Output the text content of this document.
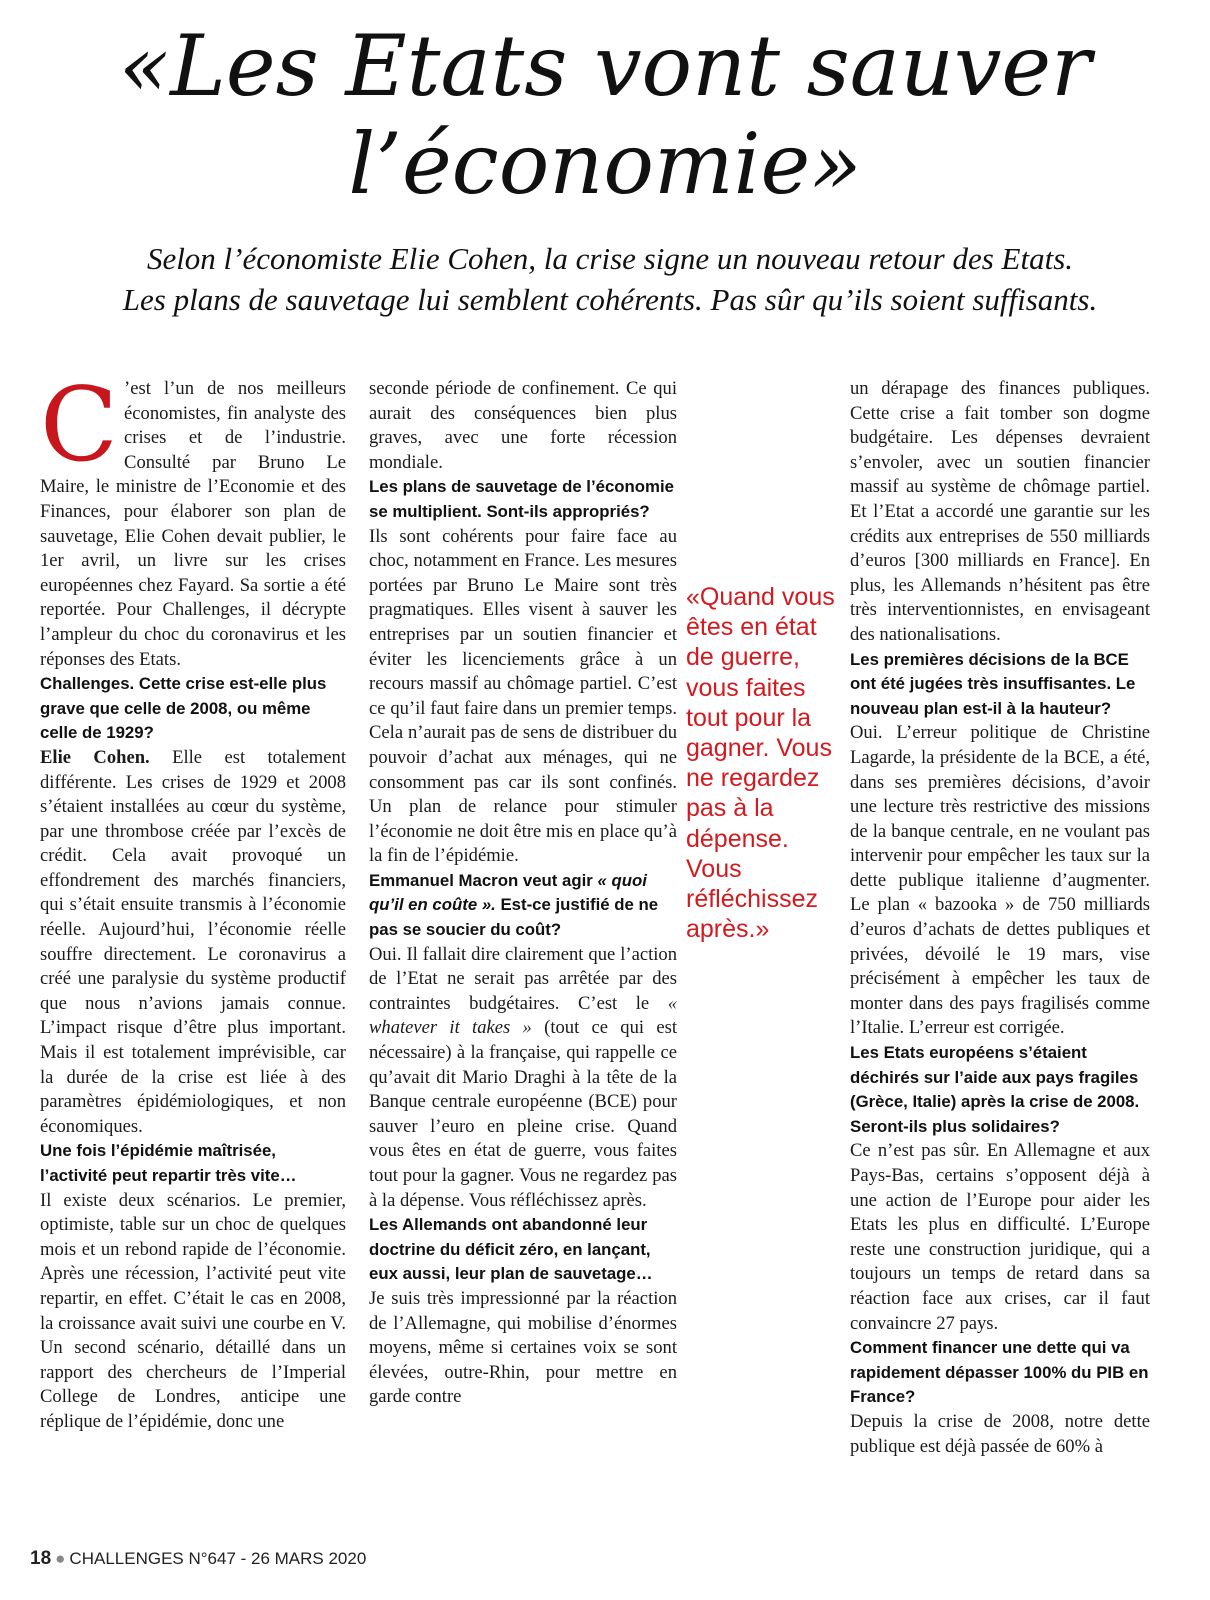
«Les Etats vont sauver
l’économie»

Selon l’économiste Elie Cohen, la crise signe un nouveau retour des Etats.
Les plans de sauvetage lui semblent cohérents. Pas sûr qu’ils soient suffisants.

C ’est l’un de nos meilleurs économistes, fin analyste des crises et de l’industrie. Consulté par Bruno Le Maire, le ministre de l’Economie et des Finances, pour élaborer son plan de sauvetage, Elie Cohen devait publier, le 1er avril, un livre sur les crises européennes chez Fayard. Sa sortie a été reportée. Pour Challenges, il décrypte l’ampleur du choc du coronavirus et les réponses des Etats.

Challenges. Cette crise est-elle plus grave que celle de 2008, ou même celle de 1929?

Elie Cohen. Elle est totalement différente. Les crises de 1929 et 2008 s’étaient installées au cœur du système, par une thrombose créée par l’excès de crédit. Cela avait provoqué un effondrement des marchés financiers, qui s’était ensuite transmis à l’économie réelle. Aujourd’hui, l’économie réelle souffre directement. Le coronavirus a créé une paralysie du système productif que nous n’avions jamais connue. L’impact risque d’être plus important. Mais il est totalement imprévisible, car la durée de la crise est liée à des paramètres épidémiologiques, et non économiques.

Une fois l’épidémie maîtrisée, l’activité peut repartir très vite…

Il existe deux scénarios. Le premier, optimiste, table sur un choc de quelques mois et un rebond rapide de l’économie. Après une récession, l’activité peut vite repartir, en effet. C’était le cas en 2008, la croissance avait suivi une courbe en V. Un second scénario, détaillé dans un rapport des chercheurs de l’Imperial College de Londres, anticipe une réplique de l’épidémie, donc une

seconde période de confinement. Ce qui aurait des conséquences bien plus graves, avec une forte récession mondiale.

Les plans de sauvetage de l’économie se multiplient. Sont-ils appropriés?

Ils sont cohérents pour faire face au choc, notamment en France. Les mesures portées par Bruno Le Maire sont très pragmatiques. Elles visent à sauver les entreprises par un soutien financier et éviter les licenciements grâce à un recours massif au chômage partiel. C’est ce qu’il faut faire dans un premier temps. Cela n’aurait pas de sens de distribuer du pouvoir d’achat aux ménages, qui ne consomment pas car ils sont confinés. Un plan de relance pour stimuler l’économie ne doit être mis en place qu’à la fin de l’épidémie.

Emmanuel Macron veut agir « quoi qu’il en coûte ». Est-ce justifié de ne pas se soucier du coût?

Oui. Il fallait dire clairement que l’action de l’Etat ne serait pas arrêtée par des contraintes budgétaires. C’est le « whatever it takes » (tout ce qui est nécessaire) à la française, qui rappelle ce qu’avait dit Mario Draghi à la tête de la Banque centrale européenne (BCE) pour sauver l’euro en pleine crise. Quand vous êtes en état de guerre, vous faites tout pour la gagner. Vous ne regardez pas à la dépense. Vous réfléchissez après.

Les Allemands ont abandonné leur doctrine du déficit zéro, en lançant, eux aussi, leur plan de sauvetage…

Je suis très impressionné par la réaction de l’Allemagne, qui mobilise d’énormes moyens, même si certaines voix se sont élevées, outre-Rhin, pour mettre en garde contre

«Quand vous êtes en état de guerre, vous faites tout pour la gagner. Vous ne regardez pas à la dépense. Vous réfléchissez après.»

un dérapage des finances publiques. Cette crise a fait tomber son dogme budgétaire. Les dépenses devraient s’envoler, avec un soutien financier massif au système de chômage partiel. Et l’Etat a accordé une garantie sur les crédits aux entreprises de 550 milliards d’euros [300 milliards en France]. En plus, les Allemands n’hésitent pas être très interventionnistes, en envisageant des nationalisations.

Les premières décisions de la BCE ont été jugées très insuffisantes. Le nouveau plan est-il à la hauteur?

Oui. L’erreur politique de Christine Lagarde, la présidente de la BCE, a été, dans ses premières décisions, d’avoir une lecture très restrictive des missions de la banque centrale, en ne voulant pas intervenir pour empêcher les taux sur la dette publique italienne d’augmenter. Le plan « bazooka » de 750 milliards d’euros d’achats de dettes publiques et privées, dévoilé le 19 mars, vise précisément à empêcher les taux de monter dans des pays fragilisés comme l’Italie. L’erreur est corrigée.

Les Etats européens s’étaient déchirés sur l’aide aux pays fragiles (Grèce, Italie) après la crise de 2008. Seront-ils plus solidaires?

Ce n’est pas sûr. En Allemagne et aux Pays-Bas, certains s’opposent déjà à une action de l’Europe pour aider les Etats les plus en difficulté. L’Europe reste une construction juridique, qui a toujours un temps de retard dans sa réaction face aux crises, car il faut convaincre 27 pays.

Comment financer une dette qui va rapidement dépasser 100% du PIB en France?

Depuis la crise de 2008, notre dette publique est déjà passée de 60% à

18 ● CHALLENGES N°647 - 26 MARS 2020
